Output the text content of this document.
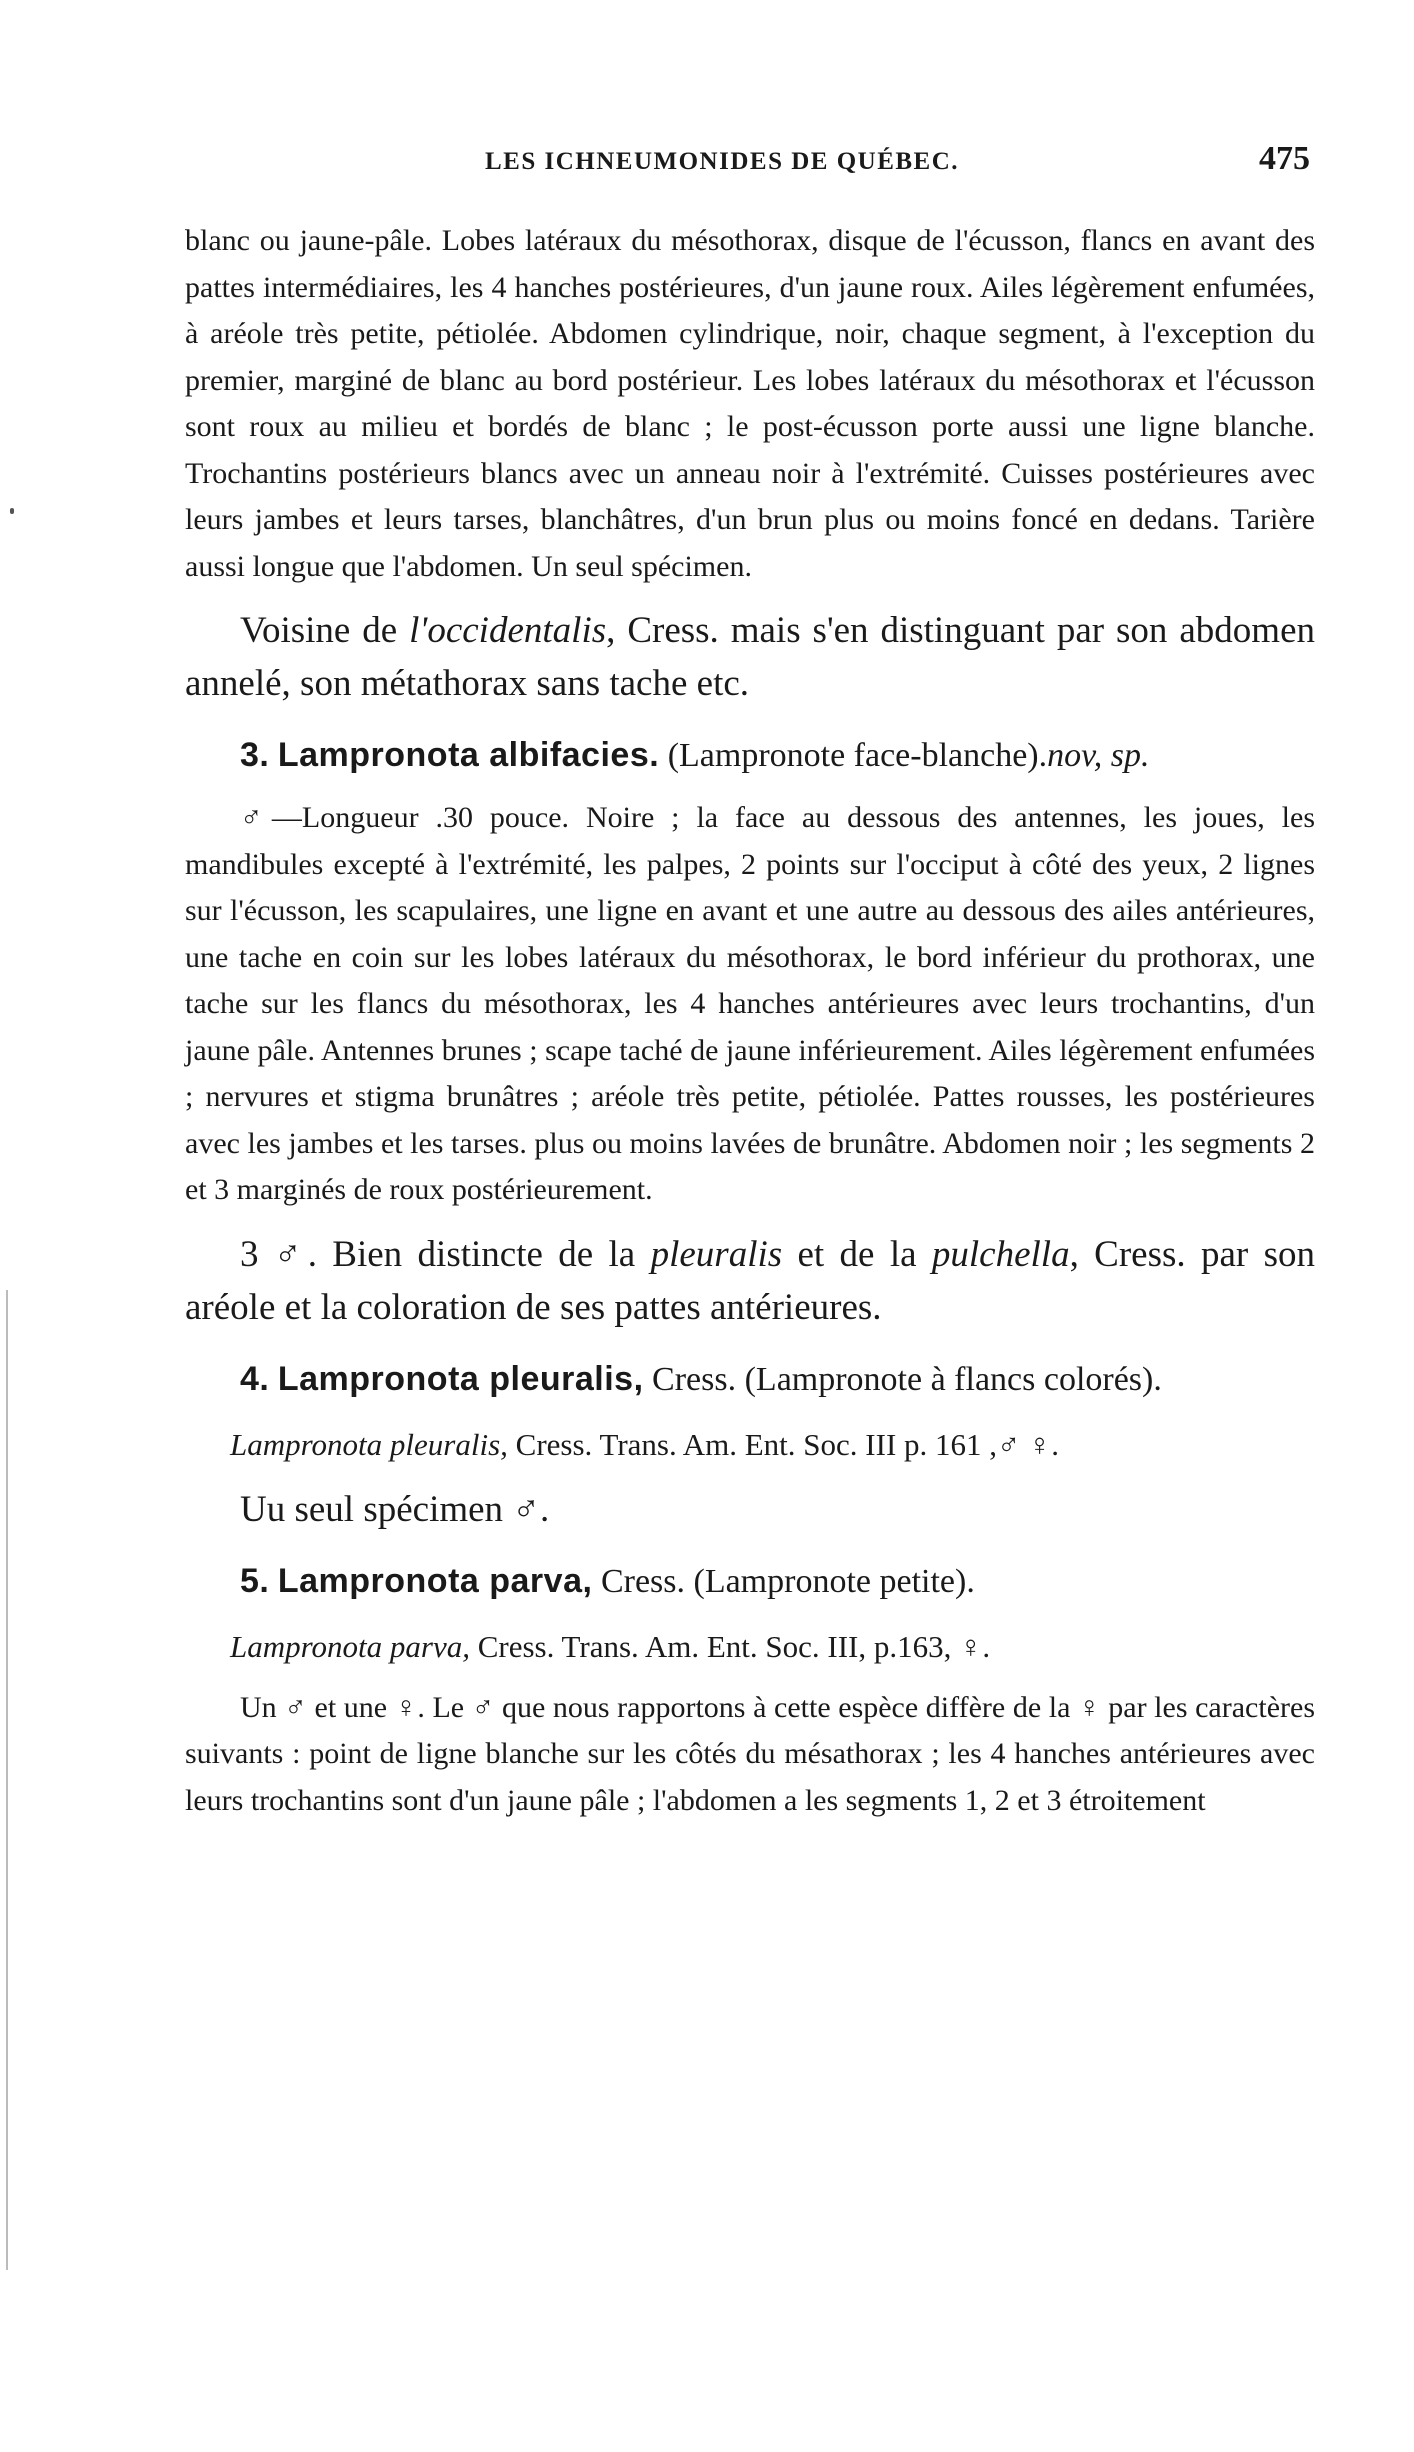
LES ICHNEUMONIDES DE QUÉBEC.	475

blanc ou jaune-pâle. Lobes latéraux du mésothorax, disque de l'écusson, flancs en avant des pattes intermédiaires, les 4 hanches postérieures, d'un jaune roux. Ailes légèrement enfumées, à aréole très petite, pétiolée. Abdomen cylindrique, noir, chaque segment, à l'exception du premier, marginé de blanc au bord postérieur. Les lobes latéraux du mésothorax et l'écusson sont roux au milieu et bordés de blanc ; le post-écusson porte aussi une ligne blanche. Trochantins postérieurs blancs avec un anneau noir à l'extrémité. Cuisses postérieures avec leurs jambes et leurs tarses, blanchâtres, d'un brun plus ou moins foncé en dedans. Tarière aussi longue que l'abdomen. Un seul spécimen.

Voisine de l'occidentalis, Cress. mais s'en distinguant par son abdomen annelé, son métathorax sans tache etc.

3. Lampronota albifacies. (Lampronote face-blanche).nov, sp.

♂—Longueur .30 pouce. Noire ; la face au dessous des antennes, les joues, les mandibules excepté à l'extrémité, les palpes, 2 points sur l'occiput à côté des yeux, 2 lignes sur l'écusson, les scapulaires, une ligne en avant et une autre au dessous des ailes antérieures, une tache en coin sur les lobes latéraux du mésothorax, le bord inférieur du prothorax, une tache sur les flancs du mésothorax, les 4 hanches antérieures avec leurs trochantins, d'un jaune pâle. Antennes brunes ; scape taché de jaune inférieurement. Ailes légèrement enfumées ; nervures et stigma brunâtres ; aréole très petite, pétiolée. Pattes rousses, les postérieures avec les jambes et les tarses. plus ou moins lavées de brunâtre. Abdomen noir ; les segments 2 et 3 marginés de roux postérieurement.

3 ♂. Bien distincte de la pleuralis et de la pulchella, Cress. par son aréole et la coloration de ses pattes antérieures.

4. Lampronota pleuralis, Cress. (Lampronote à flancs colorés).

Lampronota pleuralis, Cress. Trans. Am. Ent. Soc. III p. 161 ,♂ ♀.

Uu seul spécimen ♂.

5. Lampronota parva, Cress. (Lampronote petite).

Lampronota parva, Cress. Trans. Am. Ent. Soc. III, p.163, ♀.

Un ♂ et une ♀. Le ♂ que nous rapportons à cette espèce diffère de la ♀ par les caractères suivants : point de ligne blanche sur les côtés du mésathorax ; les 4 hanches antérieures avec leurs trochantins sont d'un jaune pâle ; l'abdomen a les segments 1, 2 et 3 étroitement
